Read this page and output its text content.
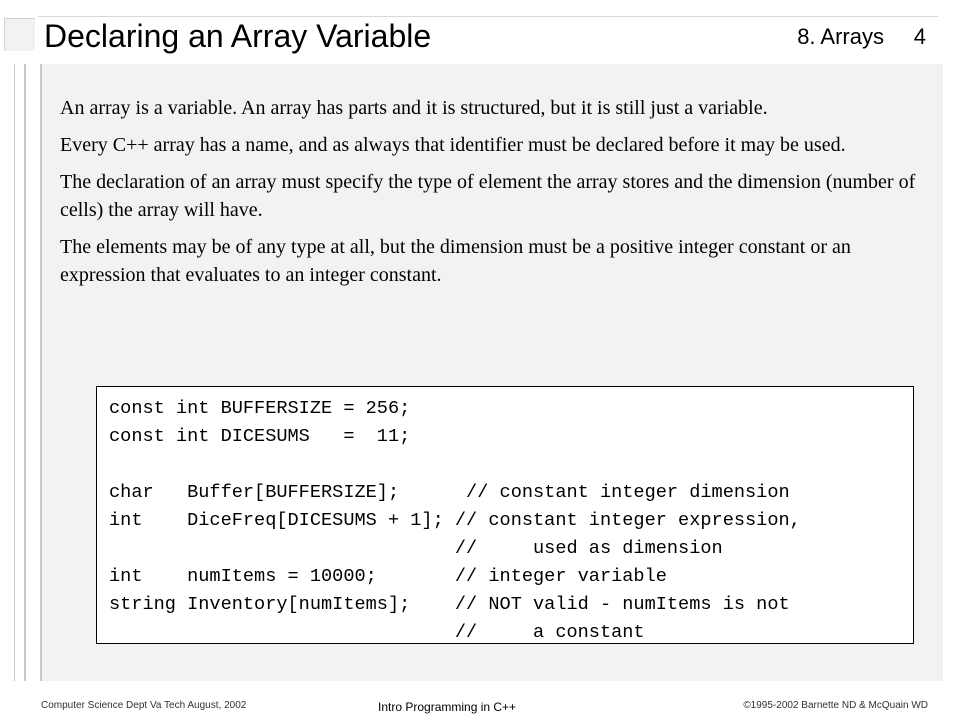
Declaring an Array Variable	8. Arrays 4

An array is a variable. An array has parts and it is structured, but it is still just a variable.

Every C++ array has a name, and as always that identifier must be declared before it may be used.

The declaration of an array must specify the type of element the array stores and the dimension (number of cells) the array will have.

The elements may be of any type at all, but the dimension must be a positive integer constant or an expression that evaluates to an integer constant.

const int BUFFERSIZE = 256;
const int DICESUMS   =  11;
char   Buffer[BUFFERSIZE];      // constant integer dimension
int    DiceFreq[DICESUMS + 1]; // constant integer expression,
//     used as dimension
int    numItems = 10000;       // integer variable
string Inventory[numItems];    // NOT valid - numItems is not
//     a constant
Computer Science Dept Va Tech August, 2002	Intro Programming in C++	©1995-2002 Barnette ND & McQuain WD
